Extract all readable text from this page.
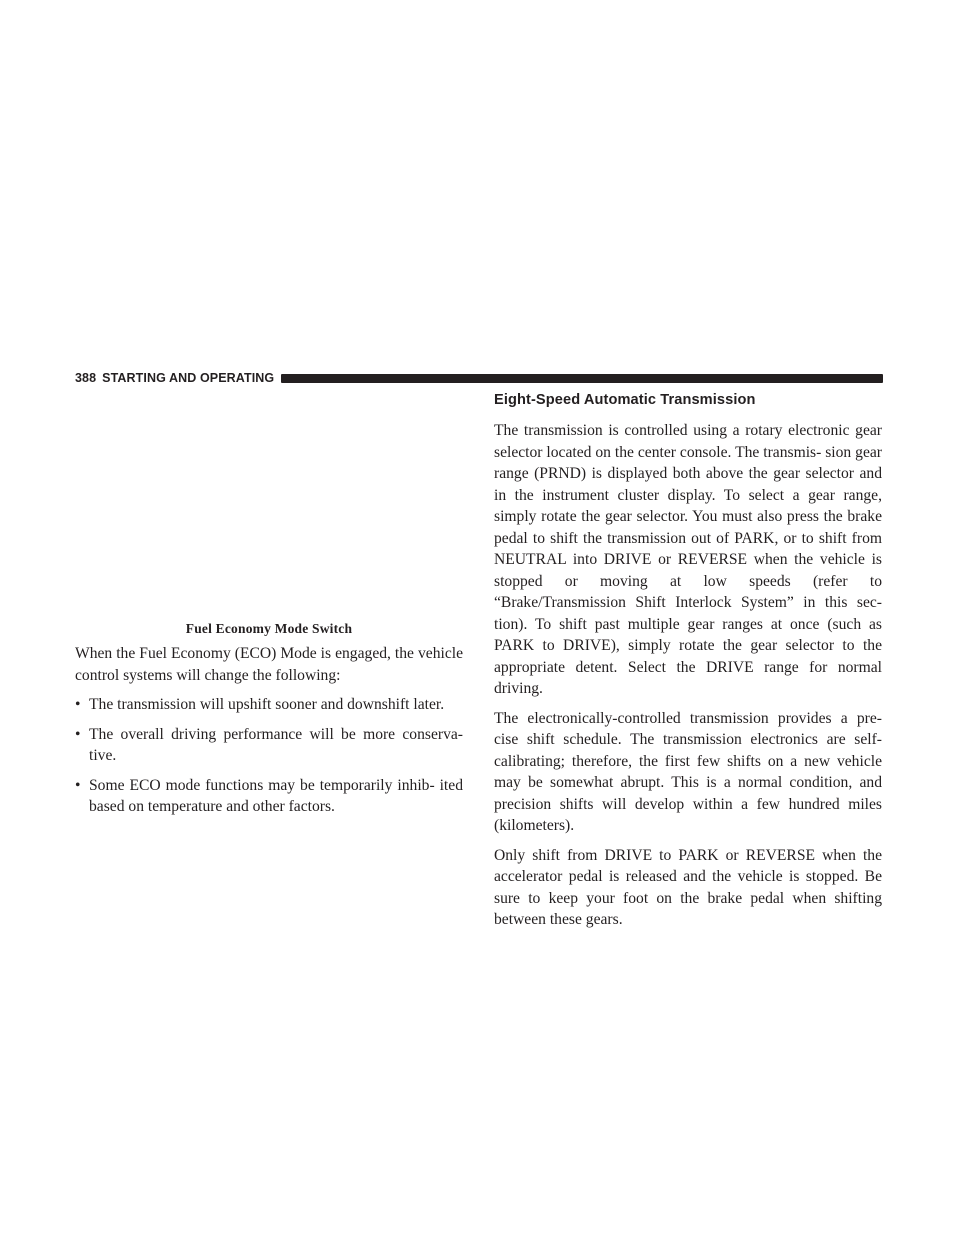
388 STARTING AND OPERATING
Fuel Economy Mode Switch

When the Fuel Economy (ECO) Mode is engaged, the vehicle control systems will change the following:

• The transmission will upshift sooner and downshift later.

• The overall driving performance will be more conserva- tive.

• Some ECO mode functions may be temporarily inhib- ited based on temperature and other factors.

Eight-Speed Automatic Transmission

The transmission is controlled using a rotary electronic gear selector located on the center console. The transmis- sion gear range (PRND) is displayed both above the gear selector and in the instrument cluster display. To select a gear range, simply rotate the gear selector. You must also press the brake pedal to shift the transmission out of PARK, or to shift from NEUTRAL into DRIVE or REVERSE when the vehicle is stopped or moving at low speeds (refer to “Brake/Transmission Shift Interlock System” in this sec- tion). To shift past multiple gear ranges at once (such as PARK to DRIVE), simply rotate the gear selector to the appropriate detent. Select the DRIVE range for normal driving.

The electronically-controlled transmission provides a pre- cise shift schedule. The transmission electronics are self- calibrating; therefore, the first few shifts on a new vehicle may be somewhat abrupt. This is a normal condition, and precision shifts will develop within a few hundred miles (kilometers).

Only shift from DRIVE to PARK or REVERSE when the accelerator pedal is released and the vehicle is stopped. Be sure to keep your foot on the brake pedal when shifting between these gears.
